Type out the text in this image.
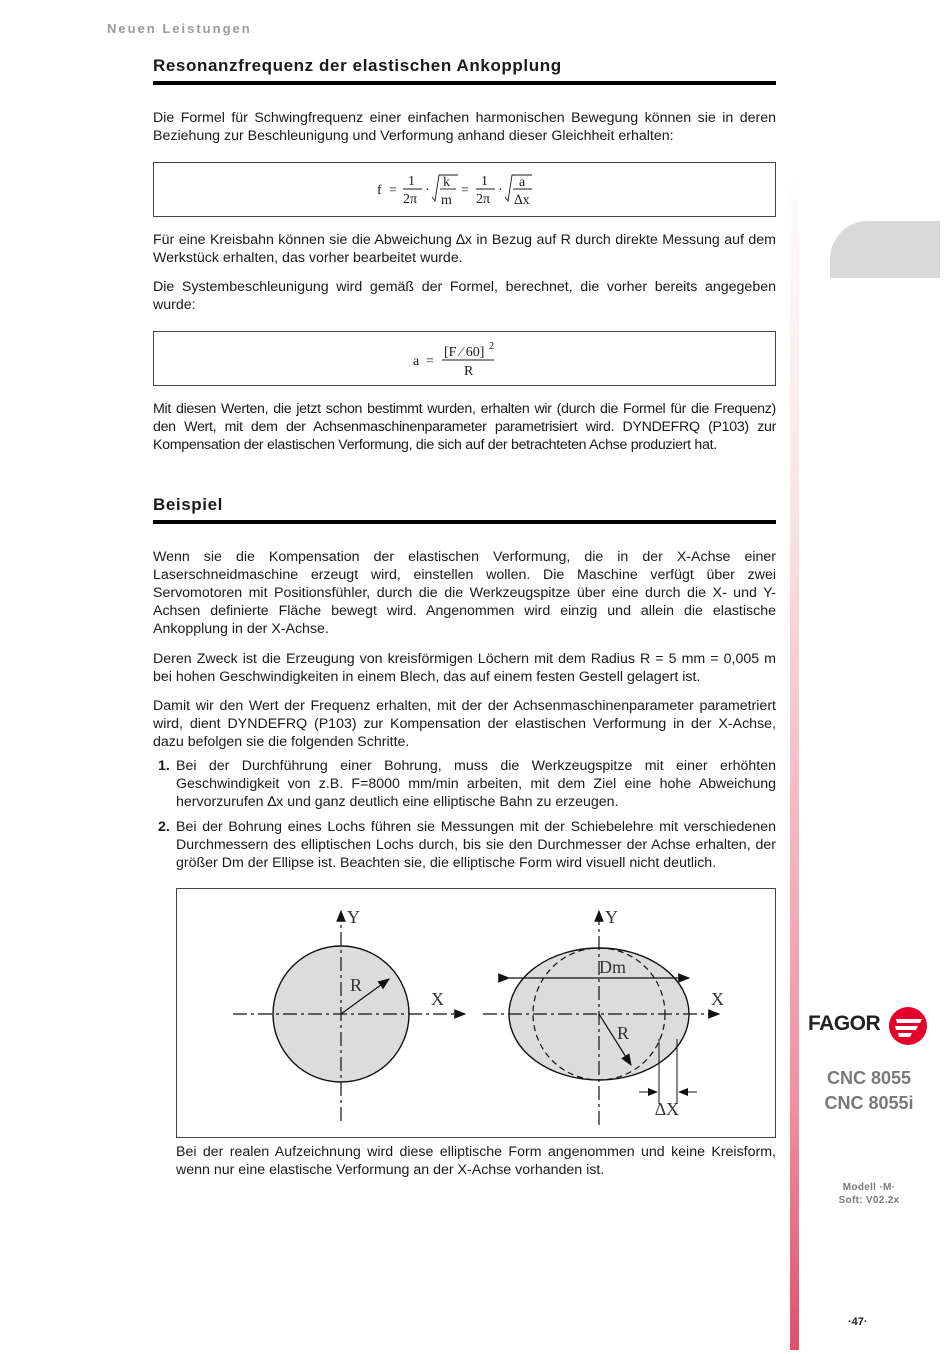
Neuen Leistungen
Resonanzfrequenz der elastischen Ankopplung

Die Formel für Schwingfrequenz einer einfachen harmonischen Bewegung können sie in deren Beziehung zur Beschleunigung und Verformung anhand dieser Gleichheit erhalten:

f =
1
2π
·
k
m
=
1
2π
·
a
∆x

Für eine Kreisbahn können sie die Abweichung ∆x in Bezug auf R durch direkte Messung auf dem Werkstück erhalten, das vorher bearbeitet wurde.

Die Systembeschleunigung wird gemäß der Formel, berechnet, die vorher bereits angegeben wurde:

a =
[F ⁄ 60] 2
R

Mit diesen Werten, die jetzt schon bestimmt wurden, erhalten wir (durch die Formel für die Frequenz) den Wert, mit dem der Achsenmaschinenparameter parametrisiert wird. DYNDEFRQ (P103) zur Kompensation der elastischen Verformung, die sich auf der betrachteten Achse produziert hat.

Beispiel

Wenn sie die Kompensation der elastischen Verformung, die in der X-Achse einer Laserschneidmaschine erzeugt wird, einstellen wollen. Die Maschine verfügt über zwei Servomotoren mit Positionsfühler, durch die die Werkzeugspitze über eine durch die X- und Y-Achsen definierte Fläche bewegt wird. Angenommen wird einzig und allein die elastische Ankopplung in der X-Achse.

Deren Zweck ist die Erzeugung von kreisförmigen Löchern mit dem Radius R = 5 mm = 0,005 m bei hohen Geschwindigkeiten in einem Blech, das auf einem festen Gestell gelagert ist.

Damit wir den Wert der Frequenz erhalten, mit der der Achsenmaschinenparameter parametriert wird, dient DYNDEFRQ (P103) zur Kompensation der elastischen Verformung in der X-Achse, dazu befolgen sie die folgenden Schritte.

1. Bei der Durchführung einer Bohrung, muss die Werkzeugspitze mit einer erhöhten Geschwindigkeit von z.B. F=8000 mm/min arbeiten, mit dem Ziel eine hohe Abweichung hervorzurufen ∆x und ganz deutlich eine elliptische Bahn zu erzeugen.
2. Bei der Bohrung eines Lochs führen sie Messungen mit der Schiebelehre mit verschiedenen Durchmessern des elliptischen Lochs durch, bis sie den Durchmesser der Achse erhalten, der größer Dm der Ellipse ist. Beachten sie, die elliptische Form wird visuell nicht deutlich.
Y
X
R
Y
X
Dm
R
∆X

Bei der realen Aufzeichnung wird diese elliptische Form angenommen und keine Kreisform, wenn nur eine elastische Verformung an der X-Achse vorhanden ist.

FAGOR
CNC 8055
CNC 8055i
Modell ·M·
Soft: V02.2x
·47·
